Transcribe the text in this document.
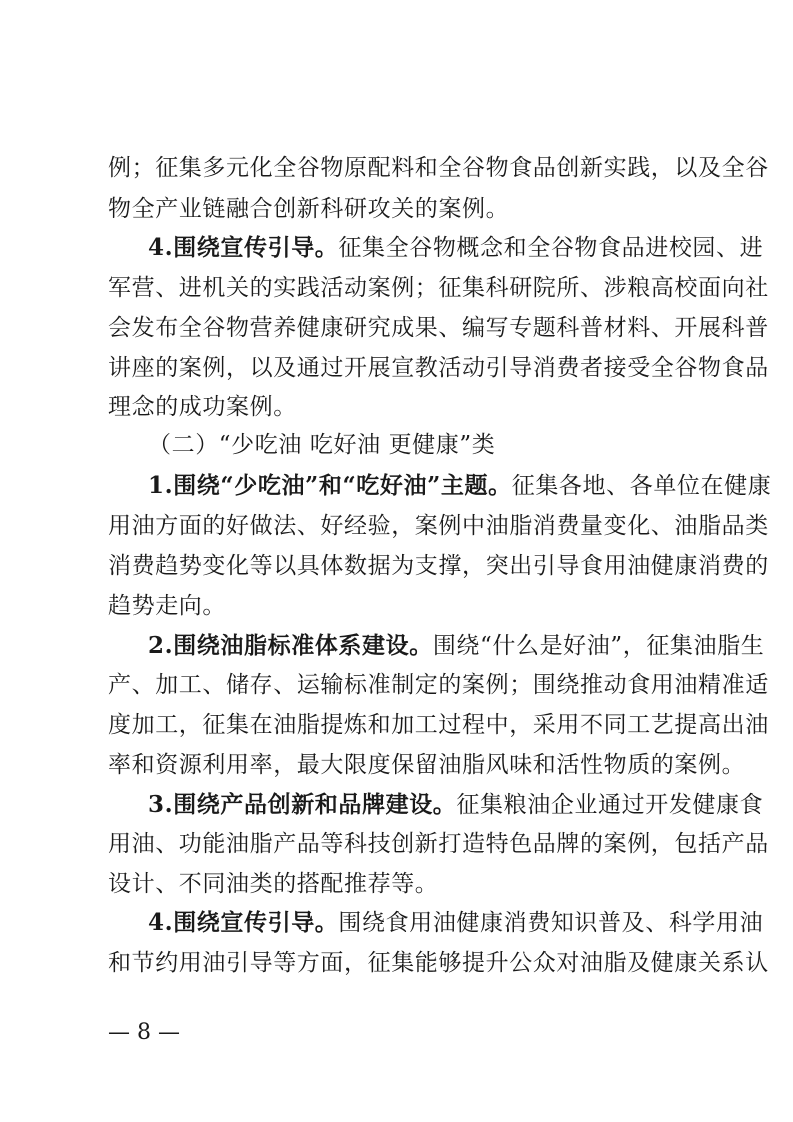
例；征集多元化全谷物原配料和全谷物食品创新实践，以及全谷
物全产业链融合创新科研攻关的案例。
4.围绕宣传引导。征集全谷物概念和全谷物食品进校园、进
军营、进机关的实践活动案例；征集科研院所、涉粮高校面向社
会发布全谷物营养健康研究成果、编写专题科普材料、开展科普
讲座的案例，以及通过开展宣教活动引导消费者接受全谷物食品
理念的成功案例。
（二）“少吃油 吃好油 更健康”类
1.围绕“少吃油”和“吃好油”主题。征集各地、各单位在健康
用油方面的好做法、好经验，案例中油脂消费量变化、油脂品类
消费趋势变化等以具体数据为支撑，突出引导食用油健康消费的
趋势走向。
2.围绕油脂标准体系建设。围绕“什么是好油”，征集油脂生
产、加工、储存、运输标准制定的案例；围绕推动食用油精准适
度加工，征集在油脂提炼和加工过程中，采用不同工艺提高出油
率和资源利用率，最大限度保留油脂风味和活性物质的案例。
3.围绕产品创新和品牌建设。征集粮油企业通过开发健康食
用油、功能油脂产品等科技创新打造特色品牌的案例，包括产品
设计、不同油类的搭配推荐等。
4.围绕宣传引导。围绕食用油健康消费知识普及、科学用油
和节约用油引导等方面，征集能够提升公众对油脂及健康关系认
— 8 —
